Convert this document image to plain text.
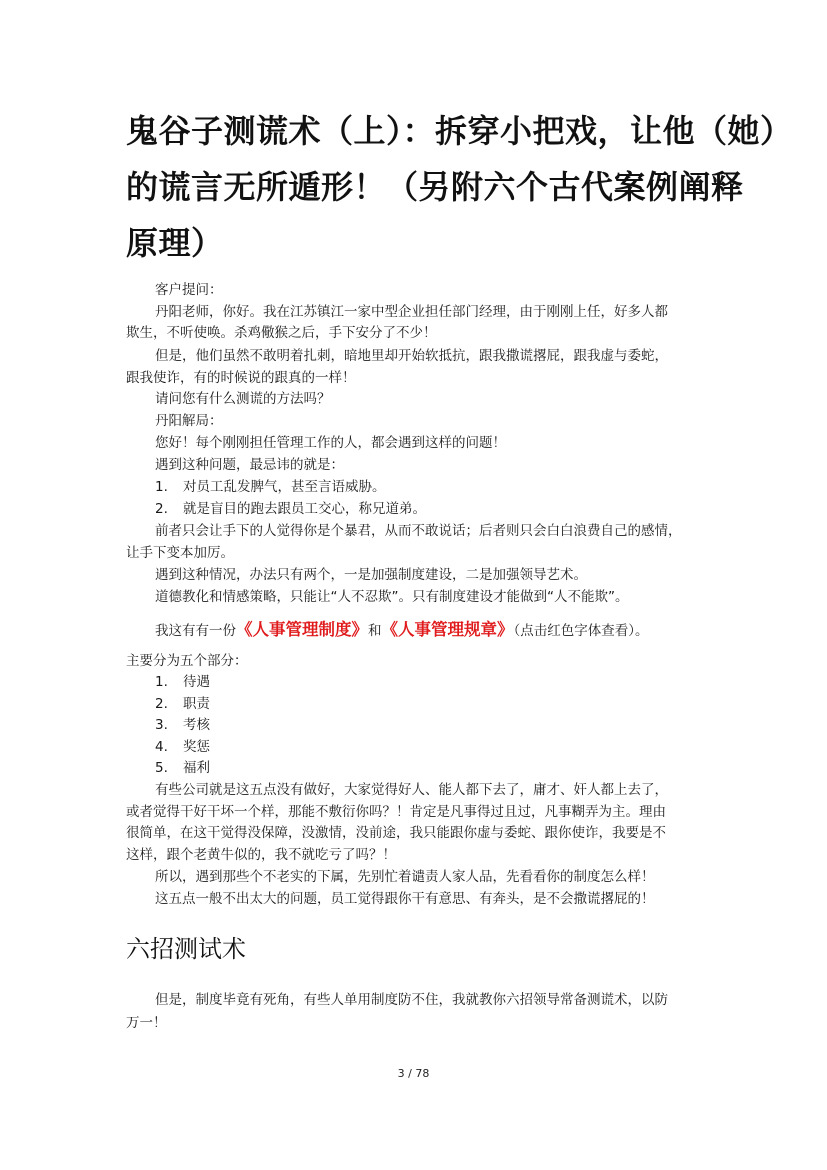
鬼谷子测谎术（上）：拆穿小把戏，让他（她）
的谎言无所遁形！（另附六个古代案例阐释
原理）
客户提问：
丹阳老师，你好。我在江苏镇江一家中型企业担任部门经理，由于刚刚上任，好多人都
欺生，不听使唤。杀鸡儆猴之后，手下安分了不少！
但是，他们虽然不敢明着扎刺，暗地里却开始软抵抗，跟我撒谎撂屁，跟我虚与委蛇，
跟我使诈，有的时候说的跟真的一样！
请问您有什么测谎的方法吗？
丹阳解局：
您好！每个刚刚担任管理工作的人，都会遇到这样的问题！
遇到这种问题，最忌讳的就是：
1. 对员工乱发脾气，甚至言语威胁。
2. 就是盲目的跑去跟员工交心，称兄道弟。
前者只会让手下的人觉得你是个暴君，从而不敢说话；后者则只会白白浪费自己的感情，
让手下变本加厉。
遇到这种情况，办法只有两个，一是加强制度建设，二是加强领导艺术。
道德教化和情感策略，只能让“人不忍欺”。只有制度建设才能做到“人不能欺”。
我这有有一份《人事管理制度》和《人事管理规章》（点击红色字体查看）。
主要分为五个部分：
1. 待遇
2. 职责
3. 考核
4. 奖惩
5. 福利
有些公司就是这五点没有做好，大家觉得好人、能人都下去了，庸才、奸人都上去了，
或者觉得干好干坏一个样，那能不敷衍你吗？！肯定是凡事得过且过，凡事糊弄为主。理由
很简单，在这干觉得没保障，没激情，没前途，我只能跟你虚与委蛇、跟你使诈，我要是不
这样，跟个老黄牛似的，我不就吃亏了吗？！
所以，遇到那些个不老实的下属，先别忙着谴责人家人品，先看看你的制度怎么样！
这五点一般不出太大的问题，员工觉得跟你干有意思、有奔头，是不会撒谎撂屁的！
六招测试术
但是，制度毕竟有死角，有些人单用制度防不住，我就教你六招领导常备测谎术，以防
万一！
3 / 78
